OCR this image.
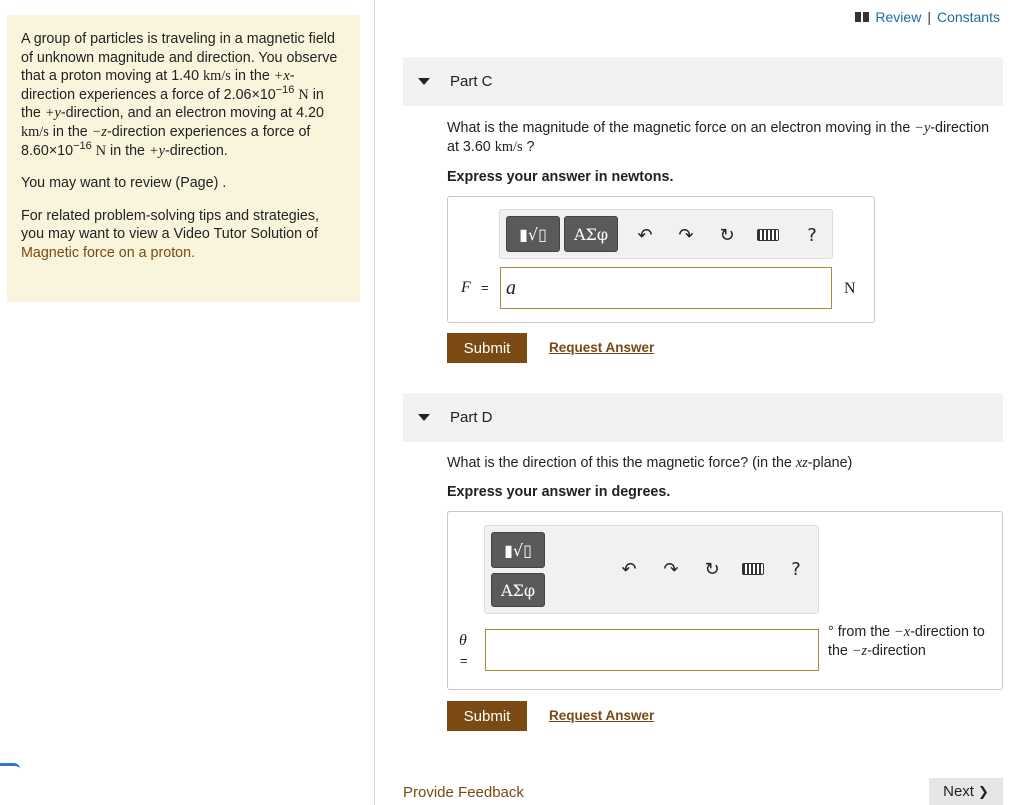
A group of particles is traveling in a magnetic field of unknown magnitude and direction. You observe that a proton moving at 1.40 km/s in the +x-direction experiences a force of $2.06\times 10^{-16}$ N in the +y-direction, and an electron moving at 4.20 km/s in the −z-direction experiences a force of $8.60\times 10^{-16}$ N in the +y-direction.

You may want to review (Page) .

For related problem-solving tips and strategies, you may want to view a Video Tutor Solution of Magnetic force on a proton.

Review | Constants
Part C
What is the magnitude of the magnetic force on an electron moving in the −y-direction at 3.60 km/s ?
Express your answer in newtons.
▮√▯	ΑΣφ	↶ ↷ ↻	?
F = a	N
Submit	Request Answer
Part D
What is the direction of this the magnetic force? (in the xz-plane)
Express your answer in degrees.
▮√▯
ΑΣφ
↶ ↷ ↻	?
θ
=
° from the −x-direction to the −z-direction
Submit	Request Answer
Provide Feedback	Next ❯
